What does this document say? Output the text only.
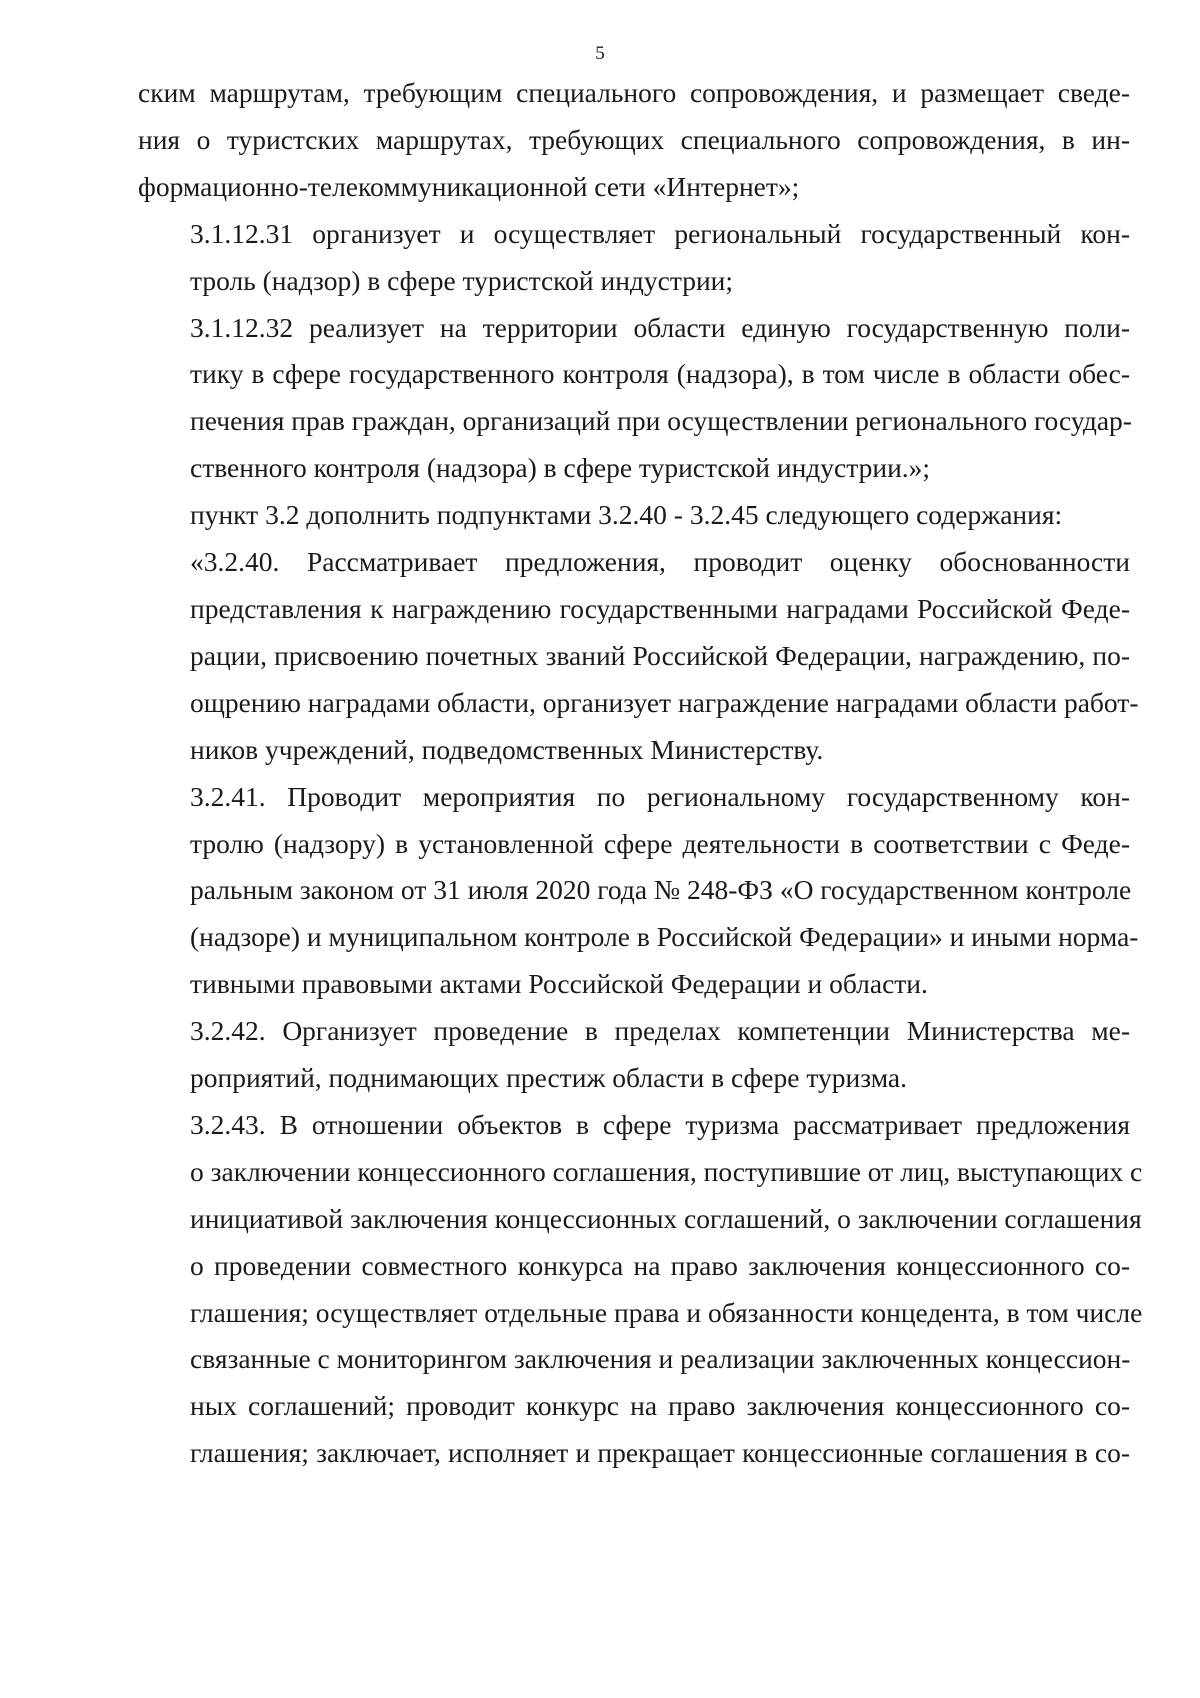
5

ским маршрутам, требующим специального сопровождения, и размещает сведе-
ния о туристских маршрутах, требующих специального сопровождения, в ин-
формационно-телекоммуникационной сети «Интернет»;

3.1.12.31 организует и осуществляет региональный государственный кон-
троль (надзор) в сфере туристской индустрии;

3.1.12.32 реализует на территории области единую государственную поли-
тику в сфере государственного контроля (надзора), в том числе в области обес-
печения прав граждан, организаций при осуществлении регионального государ-
ственного контроля (надзора) в сфере туристской индустрии.»;

пункт 3.2 дополнить подпунктами 3.2.40 - 3.2.45 следующего содержания:

«3.2.40. Рассматривает предложения, проводит оценку обоснованности
представления к награждению государственными наградами Российской Феде-
рации, присвоению почетных званий Российской Федерации, награждению, по-
ощрению наградами области, организует награждение наградами области работ-
ников учреждений, подведомственных Министерству.

3.2.41. Проводит мероприятия по региональному государственному кон-
тролю (надзору) в установленной сфере деятельности в соответствии с Феде-
ральным законом от 31 июля 2020 года № 248-ФЗ «О государственном контроле
(надзоре) и муниципальном контроле в Российской Федерации» и иными норма-
тивными правовыми актами Российской Федерации и области.

3.2.42. Организует проведение в пределах компетенции Министерства ме-
роприятий, поднимающих престиж области в сфере туризма.

3.2.43. В отношении объектов в сфере туризма рассматривает предложения
о заключении концессионного соглашения, поступившие от лиц, выступающих с
инициативой заключения концессионных соглашений, о заключении соглашения
о проведении совместного конкурса на право заключения концессионного со-
глашения; осуществляет отдельные права и обязанности концедента, в том числе
связанные с мониторингом заключения и реализации заключенных концессион-
ных соглашений; проводит конкурс на право заключения концессионного со-
глашения; заключает, исполняет и прекращает концессионные соглашения в со-
